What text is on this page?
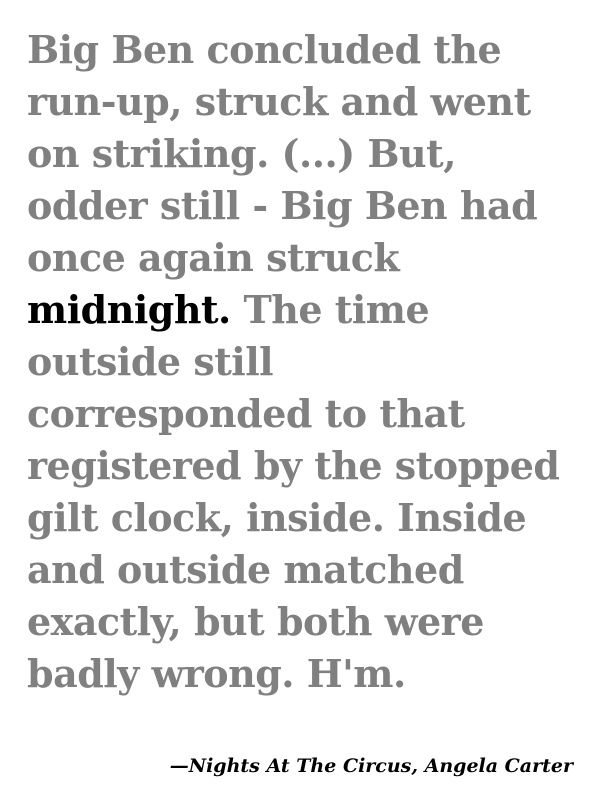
Big Ben concluded the
run-up, struck and went
on striking. (...) But,
odder still - Big Ben had
once again struck
midnight. The time
outside still
corresponded to that
registered by the stopped
gilt clock, inside. Inside
and outside matched
exactly, but both were
badly wrong. H'm.
—Nights At The Circus, Angela Carter
